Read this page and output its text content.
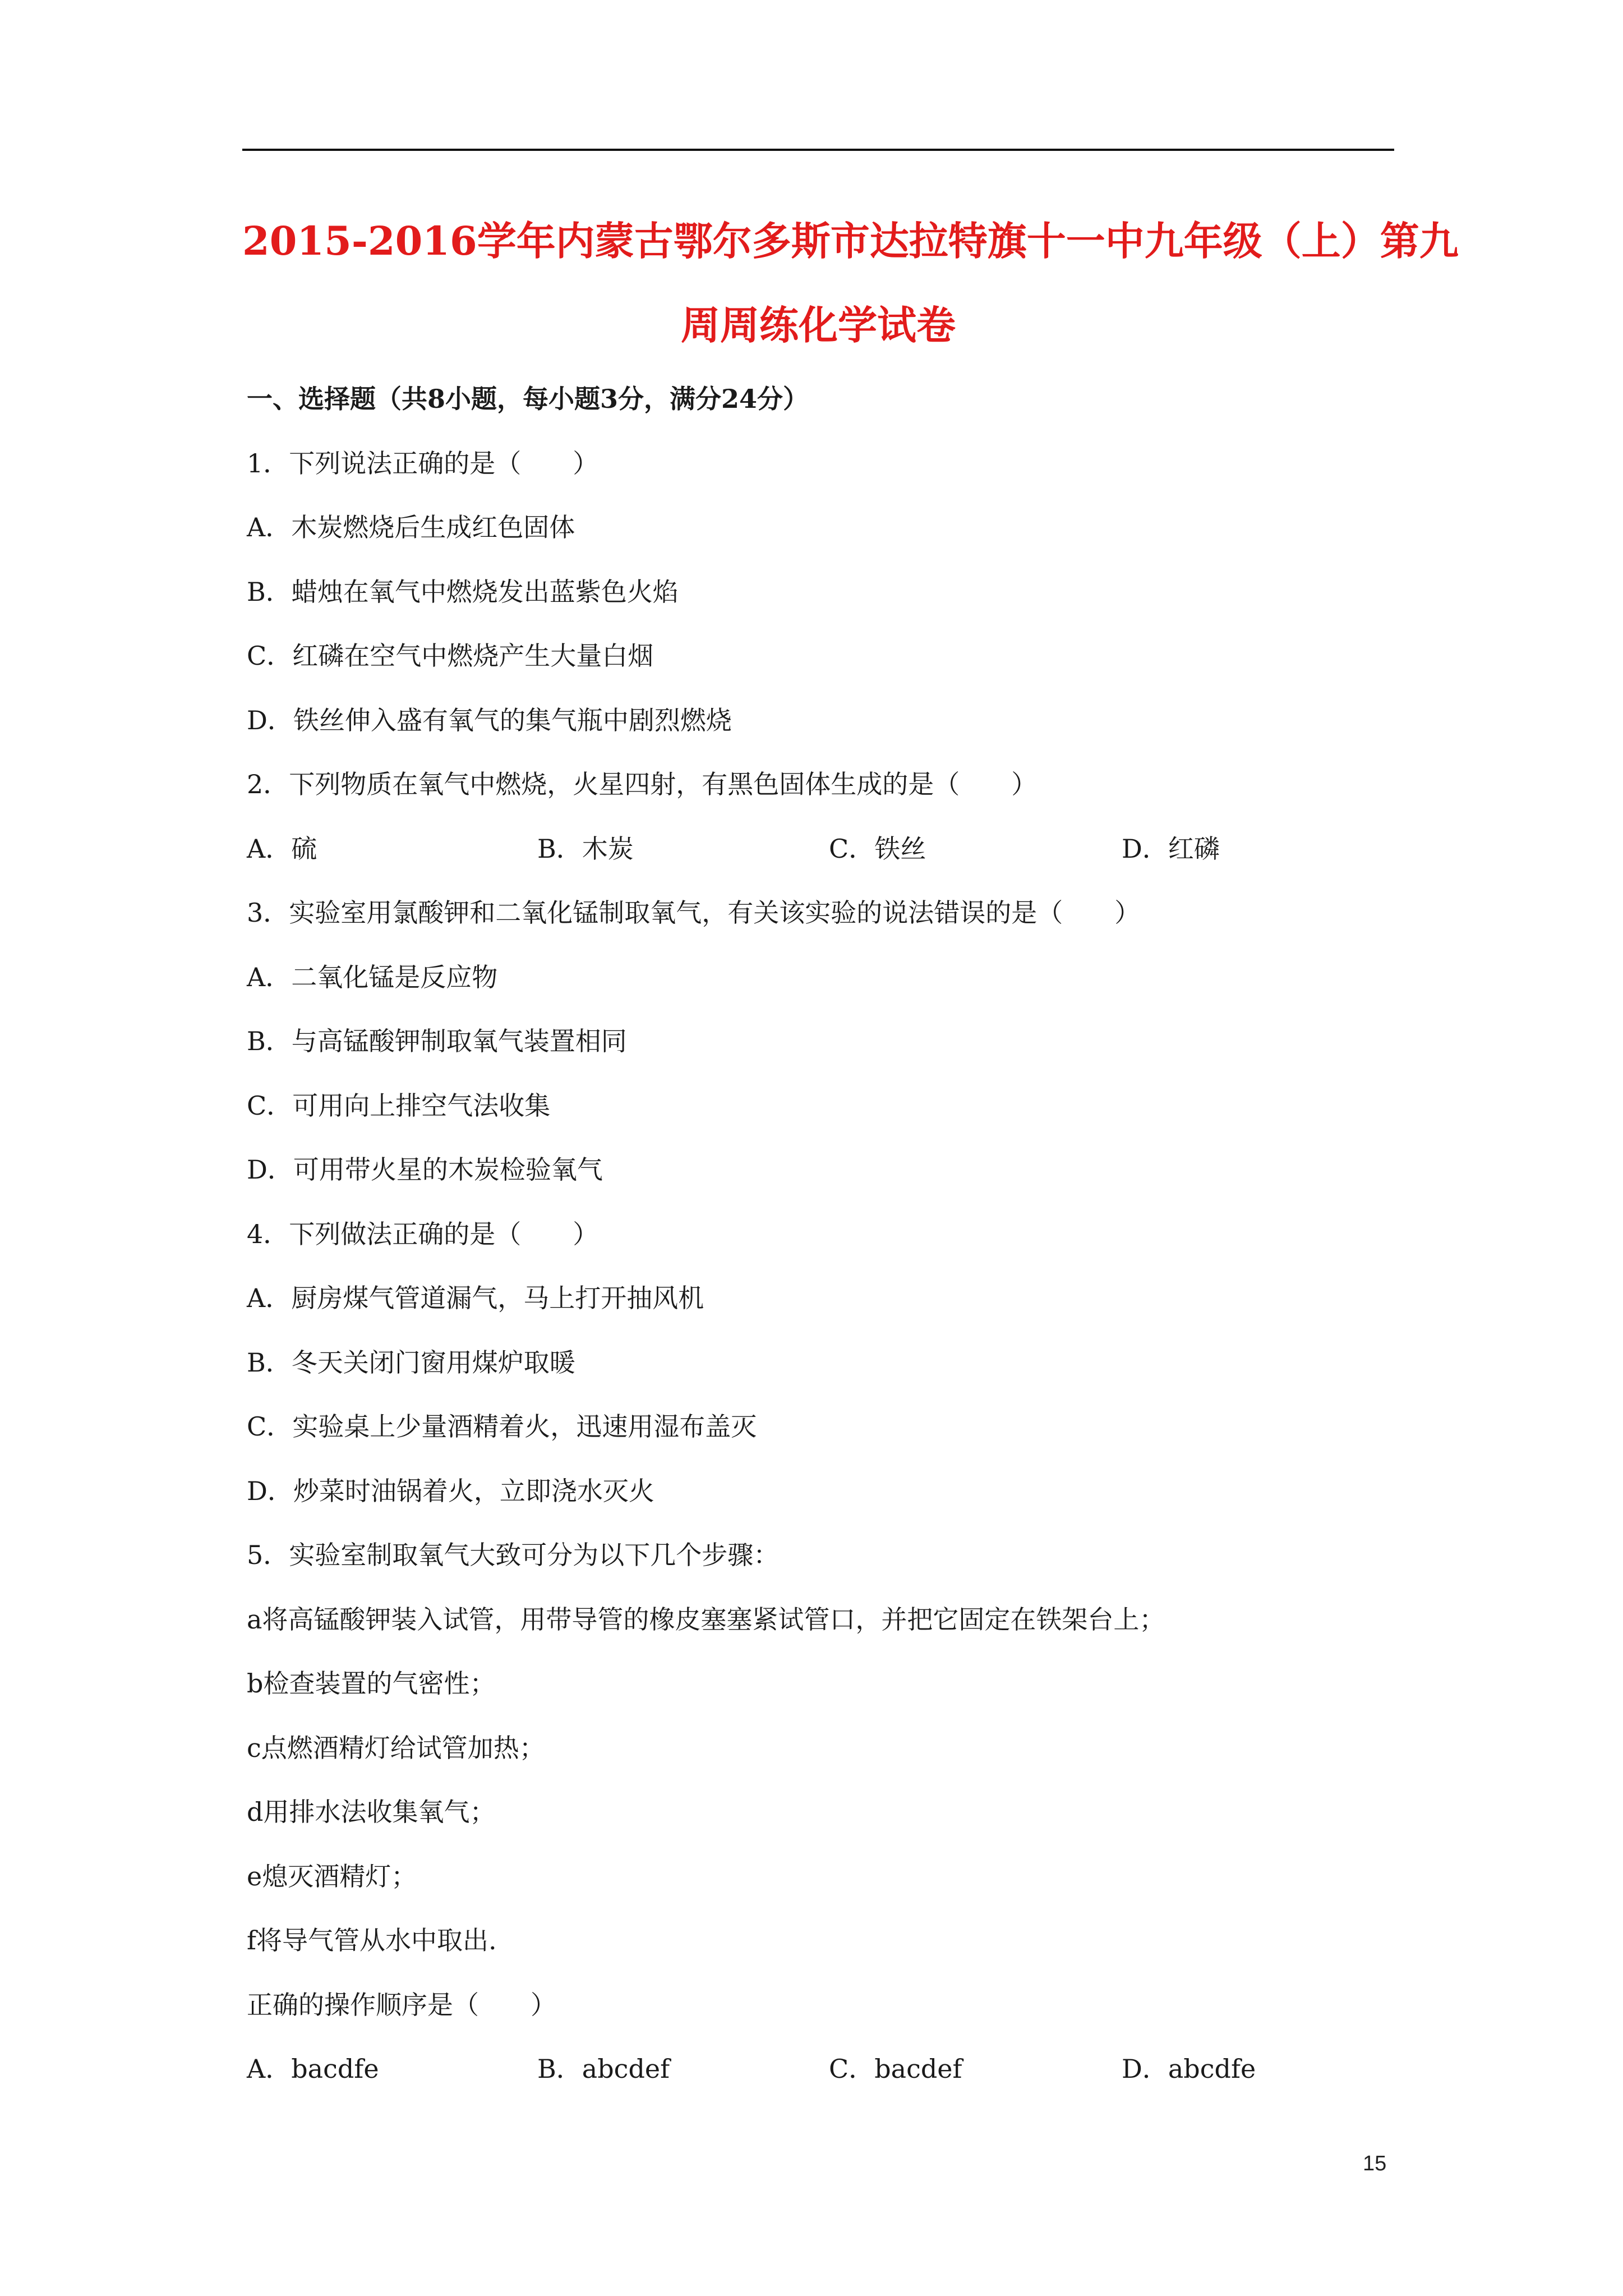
2015-2016学年内蒙古鄂尔多斯市达拉特旗十一中九年级（上）第九
周周练化学试卷
一、选择题（共8小题，每小题3分，满分24分）
1．下列说法正确的是（　　）
A．木炭燃烧后生成红色固体
B．蜡烛在氧气中燃烧发出蓝紫色火焰
C．红磷在空气中燃烧产生大量白烟
D．铁丝伸入盛有氧气的集气瓶中剧烈燃烧
2．下列物质在氧气中燃烧，火星四射，有黑色固体生成的是（　　）
A．硫	B．木炭	C．铁丝	D．红磷
3．实验室用氯酸钾和二氧化锰制取氧气，有关该实验的说法错误的是（　　）
A．二氧化锰是反应物
B．与高锰酸钾制取氧气装置相同
C．可用向上排空气法收集
D．可用带火星的木炭检验氧气
4．下列做法正确的是（　　）
A．厨房煤气管道漏气，马上打开抽风机
B．冬天关闭门窗用煤炉取暖
C．实验桌上少量酒精着火，迅速用湿布盖灭
D．炒菜时油锅着火，立即浇水灭火
5．实验室制取氧气大致可分为以下几个步骤：
a将高锰酸钾装入试管，用带导管的橡皮塞塞紧试管口，并把它固定在铁架台上；
b检查装置的气密性；
c点燃酒精灯给试管加热；
d用排水法收集氧气；
e熄灭酒精灯；
f将导气管从水中取出.
正确的操作顺序是（　　）
A．bacdfe	B．abcdef	C．bacdef	D．abcdfe
15
